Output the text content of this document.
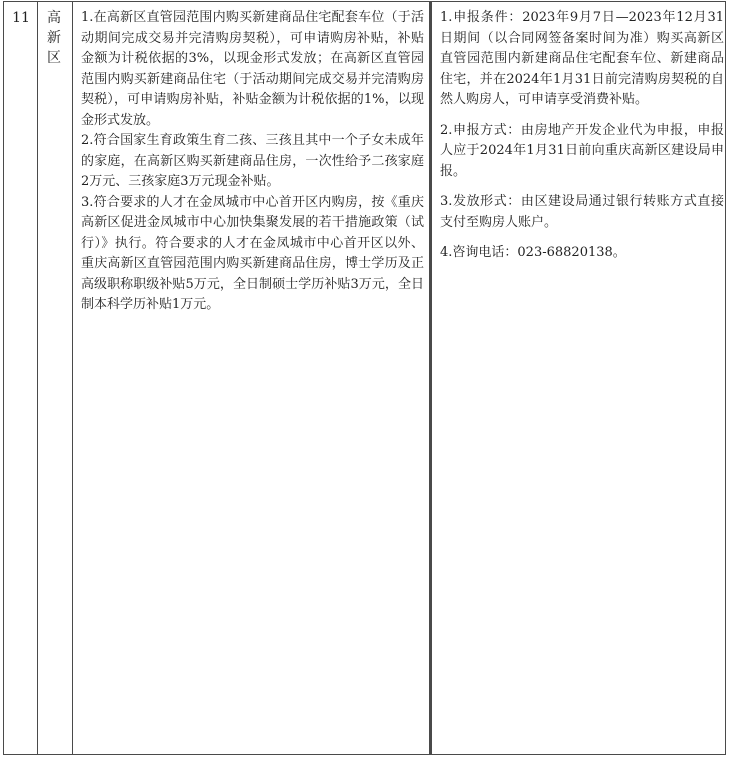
11	高
新
区

1.在高新区直管园范围内购买新建商品住宅配套车位（于活动期间完成交易并完清购房契税），可申请购房补贴，补贴金额为计税依据的3%，以现金形式发放；在高新区直管园范围内购买新建商品住宅（于活动期间完成交易并完清购房契税），可申请购房补贴，补贴金额为计税依据的1%，以现金形式发放。

2.符合国家生育政策生育二孩、三孩且其中一个子女未成年的家庭，在高新区购买新建商品住房，一次性给予二孩家庭2万元、三孩家庭3万元现金补贴。

3.符合要求的人才在金凤城市中心首开区内购房，按《重庆高新区促进金凤城市中心加快集聚发展的若干措施政策（试行）》执行。符合要求的人才在金凤城市中心首开区以外、重庆高新区直管园范围内购买新建商品住房，博士学历及正高级职称职级补贴5万元，全日制硕士学历补贴3万元，全日制本科学历补贴1万元。

1.申报条件：2023年9月7日—2023年12月31日期间（以合同网签备案时间为准）购买高新区直管园范围内新建商品住宅配套车位、新建商品住宅，并在2024年1月31日前完清购房契税的自然人购房人，可申请享受消费补贴。

2.申报方式：由房地产开发企业代为申报，申报人应于2024年1月31日前向重庆高新区建设局申报。

3.发放形式：由区建设局通过银行转账方式直接支付至购房人账户。

4.咨询电话：023-68820138。
